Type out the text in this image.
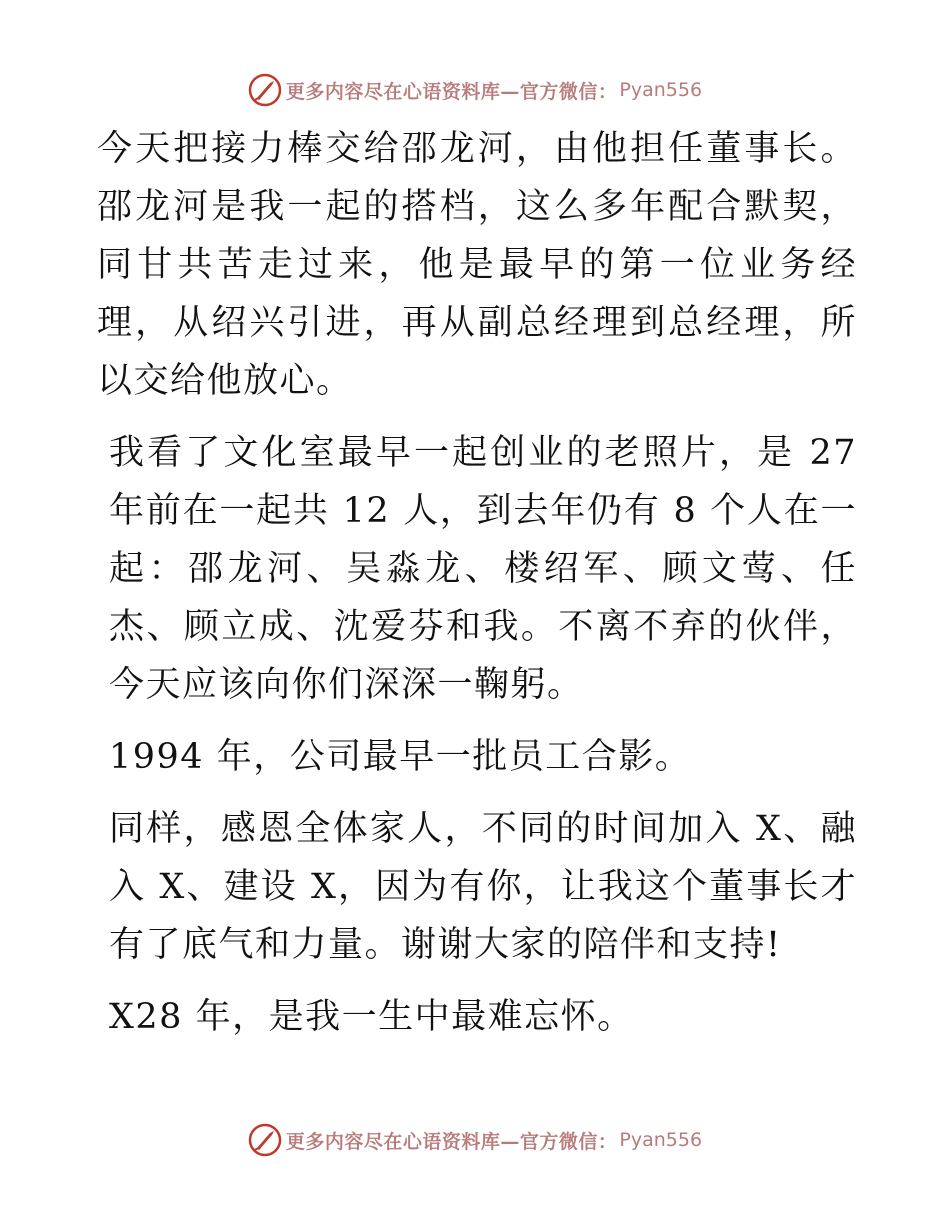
更多内容尽在心语资料库—官方微信： Pyan556

今天把接力棒交给邵龙河，由他担任董事长。邵龙河是我一起的搭档，这么多年配合默契，同甘共苦走过来，他是最早的第一位业务经理，从绍兴引进，再从副总经理到总经理，所以交给他放心。

我看了文化室最早一起创业的老照片，是 27 年前在一起共 12 人，到去年仍有 8 个人在一起：邵龙河、吴淼龙、楼绍军、顾文莺、任杰、顾立成、沈爱芬和我。不离不弃的伙伴，今天应该向你们深深一鞠躬。

1994 年，公司最早一批员工合影。

同样，感恩全体家人，不同的时间加入 X、融入 X、建设 X，因为有你，让我这个董事长才有了底气和力量。谢谢大家的陪伴和支持!

X28 年，是我一生中最难忘怀。

更多内容尽在心语资料库—官方微信： Pyan556
